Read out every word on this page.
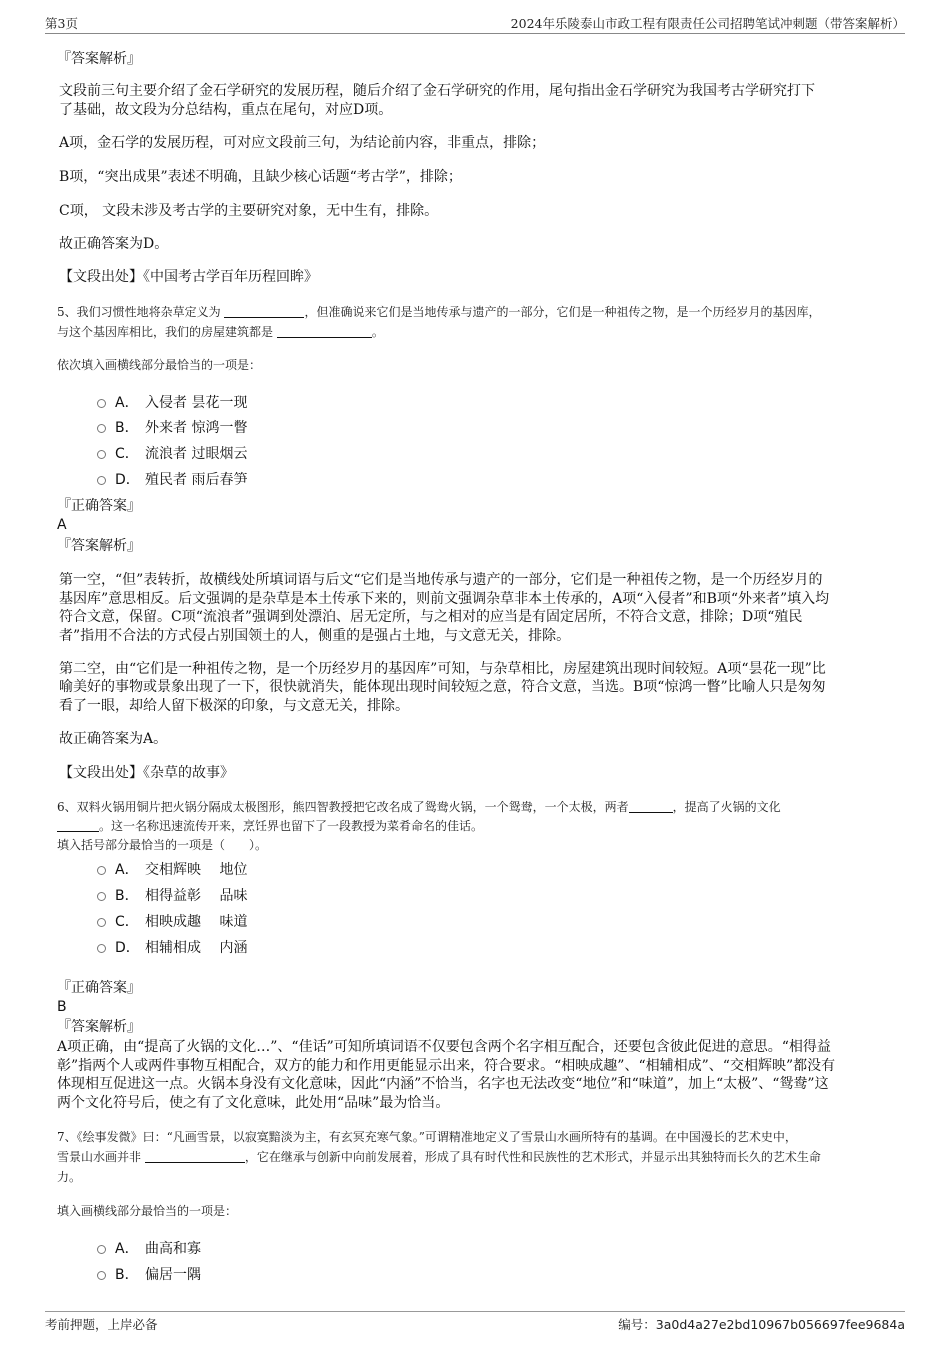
第3页	2024年乐陵泰山市政工程有限责任公司招聘笔试冲刺题（带答案解析）
『答案解析』
文段前三句主要介绍了金石学研究的发展历程，随后介绍了金石学研究的作用，尾句指出金石学研究为我国考古学研究打下
了基础，故文段为分总结构，重点在尾句，对应D项。
A项，金石学的发展历程，可对应文段前三句，为结论前内容，非重点，排除；
B项，“突出成果”表述不明确，且缺少核心话题“考古学”，排除；
C项， 文段未涉及考古学的主要研究对象，无中生有，排除。
故正确答案为D。
【文段出处】《中国考古学百年历程回眸》
5、我们习惯性地将杂草定义为	，但准确说来它们是当地传承与遗产的一部分，它们是一种祖传之物，是一个历经岁月的基因库，
与这个基因库相比，我们的房屋建筑都是	。
依次填入画横线部分最恰当的一项是：
A． 入侵者 昙花一现
B． 外来者 惊鸿一瞥
C． 流浪者 过眼烟云
D． 殖民者 雨后春笋
『正确答案』
A
『答案解析』
第一空，“但”表转折，故横线处所填词语与后文“它们是当地传承与遗产的一部分，它们是一种祖传之物，是一个历经岁月的
基因库”意思相反。后文强调的是杂草是本土传承下来的，则前文强调杂草非本土传承的，A项“入侵者”和B项“外来者”填入均
符合文意，保留。C项“流浪者”强调到处漂泊、居无定所，与之相对的应当是有固定居所，不符合文意，排除；D项“殖民
者”指用不合法的方式侵占别国领土的人，侧重的是强占土地，与文意无关，排除。
第二空，由“它们是一种祖传之物，是一个历经岁月的基因库”可知，与杂草相比，房屋建筑出现时间较短。A项“昙花一现”比
喻美好的事物或景象出现了一下，很快就消失，能体现出现时间较短之意，符合文意，当选。B项“惊鸿一瞥”比喻人只是匆匆
看了一眼，却给人留下极深的印象，与文意无关，排除。
故正确答案为A。
【文段出处】《杂草的故事》
6、双料火锅用铜片把火锅分隔成太极图形，熊四智教授把它改名成了鸳鸯火锅，一个鸳鸯，一个太极，两者	，提高了火锅的文化
。这一名称迅速流传开来，烹饪界也留下了一段教授为菜肴命名的佳话。
填入括号部分最恰当的一项是（　　）。
A． 交相辉映　 地位
B． 相得益彰　 品味
C． 相映成趣　 味道
D． 相辅相成　 内涵
『正确答案』
B
『答案解析』
A项正确，由“提高了火锅的文化…”、“佳话”可知所填词语不仅要包含两个名字相互配合，还要包含彼此促进的意思。“相得益
彰”指两个人或两件事物互相配合，双方的能力和作用更能显示出来，符合要求。“相映成趣”、“相辅相成”、“交相辉映”都没有
体现相互促进这一点。火锅本身没有文化意味，因此“内涵”不恰当，名字也无法改变“地位”和“味道”，加上“太极”、“鸳鸯”这
两个文化符号后，使之有了文化意味，此处用“品味”最为恰当。
7、《绘事发微》曰：“凡画雪景，以寂寞黯淡为主，有玄冥充寒气象。”可谓精准地定义了雪景山水画所特有的基调。在中国漫长的艺术史中，
雪景山水画并非	，它在继承与创新中向前发展着，形成了具有时代性和民族性的艺术形式，并显示出其独特而长久的艺术生命
力。
填入画横线部分最恰当的一项是：
A． 曲高和寡
B． 偏居一隅
考前押题，上岸必备	编号：3a0d4a27e2bd10967b056697fee9684a
